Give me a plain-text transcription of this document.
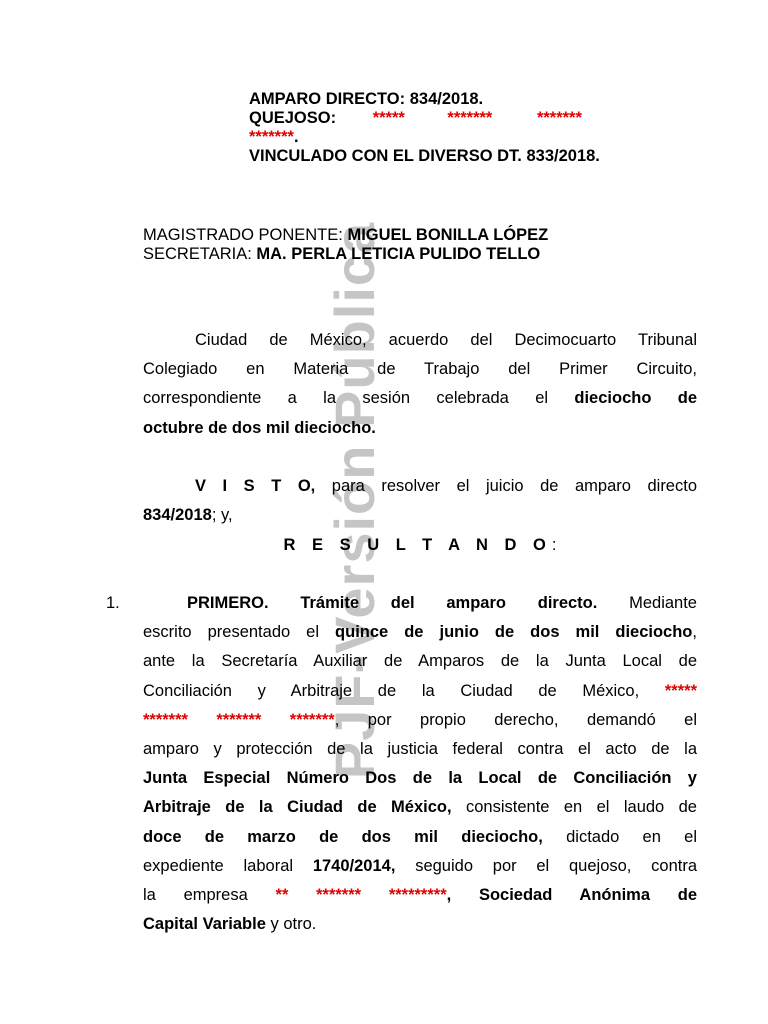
PJF-Versión Pública
AMPARO DIRECTO: 834/2018.
QUEJOSO: *****	*******	*******
*******.
VINCULADO CON EL DIVERSO DT. 833/2018.
MAGISTRADO PONENTE: MIGUEL BONILLA LÓPEZ
SECRETARIA: MA. PERLA LETICIA PULIDO TELLO
Ciudad de México, acuerdo del Decimocuarto Tribunal
Colegiado en Materia de Trabajo del Primer Circuito,
correspondiente a la sesión celebrada el dieciocho de
octubre de dos mil dieciocho.
V I S T O, para resolver el juicio de amparo directo
834/2018; y,
R E S U L T A N D O:
1.	PRIMERO. Trámite del amparo directo. Mediante
escrito presentado el quince de junio de dos mil dieciocho,
ante la Secretaría Auxiliar de Amparos de la Junta Local de
Conciliación y Arbitraje de la Ciudad de México, *****
******* ******* *******, por propio derecho, demandó el
amparo y protección de la justicia federal contra el acto de la
Junta Especial Número Dos de la Local de Conciliación y
Arbitraje de la Ciudad de México, consistente en el laudo de
doce de marzo de dos mil dieciocho, dictado en el
expediente laboral 1740/2014, seguido por el quejoso, contra
la empresa ** ******* *********, Sociedad Anónima de
Capital Variable y otro.
